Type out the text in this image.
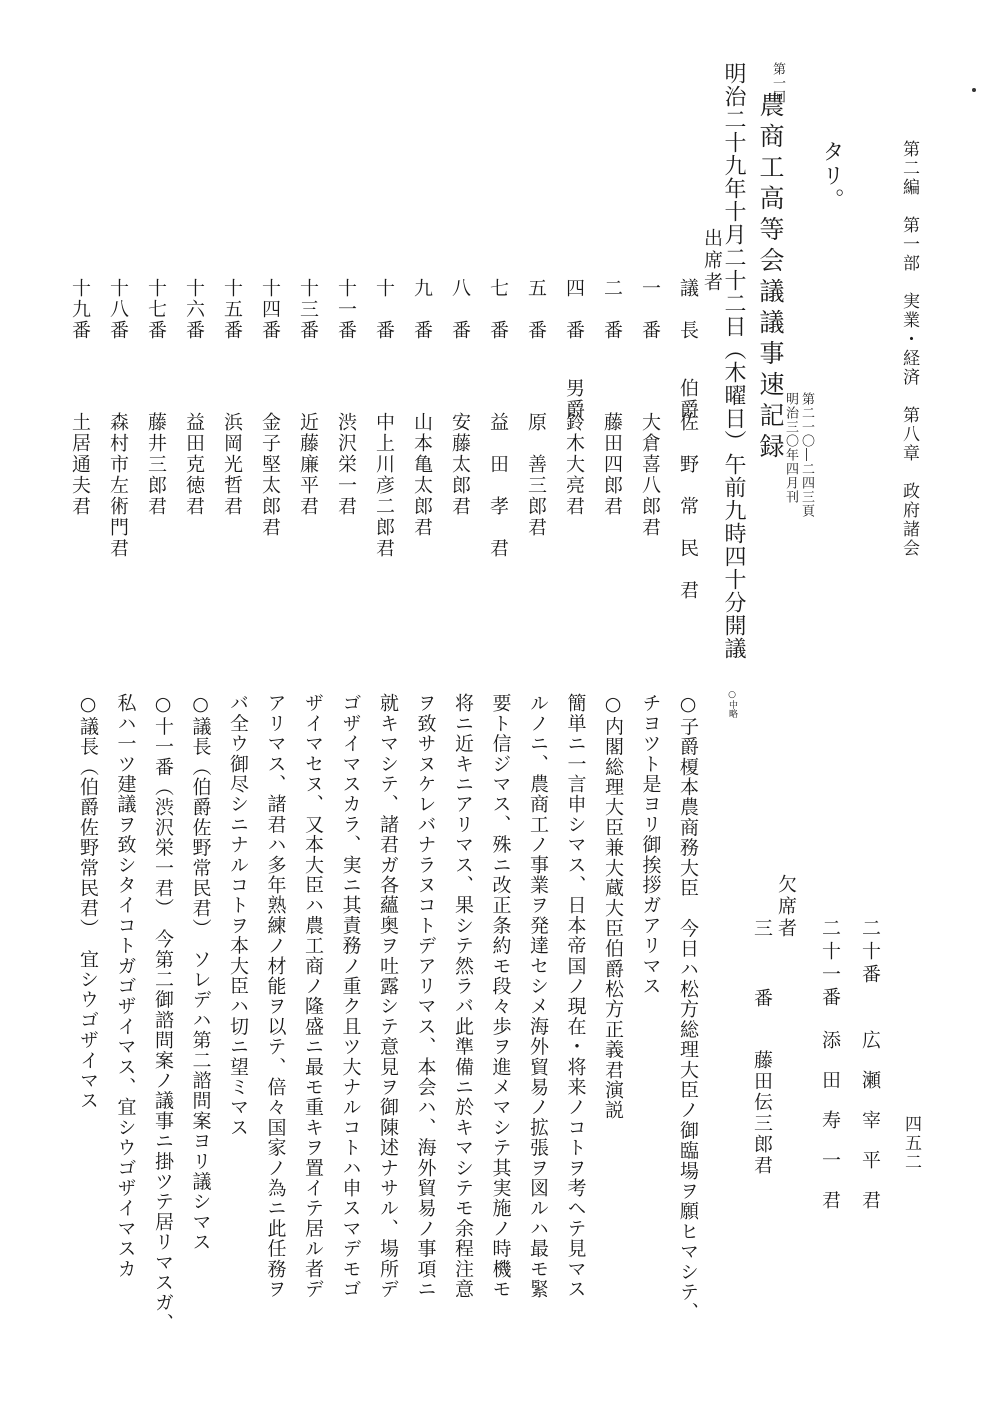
第二編　第一部　実業・経済　第八章　政府諸会
四五二
タリ。
第一回
農商工高等会議議事速記録	第二一〇―二四三頁
明治三〇年四月刊
明治二十九年十月二十二日（木曜日）午前九時四十分開議
出席者
議　長
伯爵
佐　野　常　民　君
一　番
大倉喜八郎君
二　番
藤田四郎君
四　番
男爵
鈴木大亮君
五　番
原　善三郎君
七　番
益　田　孝　君
八　番
安藤太郎君
九　番
山本亀太郎君
十　番
中上川彦二郎君
十一番
渋沢栄一君
十三番
近藤廉平君
十四番
金子堅太郎君
十五番
浜岡光哲君
十六番
益田克徳君
十七番
藤井三郎君
十八番
森村市左術門君
十九番
土居通夫君
二十番
広　瀬　宰　平　君
二十一番
添　田　寿　一　君
欠席者
三　番
藤田伝三郎君
○中略
○子爵榎本農商務大臣　今日ハ松方総理大臣ノ御臨場ヲ願ヒマシテ、
チヨツト是ヨリ御挨拶ガアリマス
○内閣総理大臣兼大蔵大臣伯爵松方正義君演説
簡単ニ一言申シマス、日本帝国ノ現在・将来ノコトヲ考ヘテ見マス
ルノニ、農商工ノ事業ヲ発達セシメ海外貿易ノ拡張ヲ図ルハ最モ緊
要ト信ジマス、殊ニ改正条約モ段々歩ヲ進メマシテ其実施ノ時機モ
将ニ近キニアリマス、果シテ然ラバ此準備ニ於キマシテモ余程注意
ヲ致サヌケレバナラヌコトデアリマス、本会ハ、海外貿易ノ事項ニ
就キマシテ、諸君ガ各蘊奥ヲ吐露シテ意見ヲ御陳述ナサル、場所デ
ゴザイマスカラ、実ニ其責務ノ重ク且ツ大ナルコトハ申スマデモゴ
ザイマセヌ、又本大臣ハ農工商ノ隆盛ニ最モ重キヲ置イテ居ル者デ
アリマス、諸君ハ多年熟練ノ材能ヲ以テ、倍々国家ノ為ニ此任務ヲ
バ全ウ御尽シニナルコトヲ本大臣ハ切ニ望ミマス
○議長（伯爵佐野常民君）　ソレデハ第二諮問案ヨリ議シマス
○十一番（渋沢栄一君）　今第二御諮問案ノ議事ニ掛ツテ居リマスガ、
私ハ一ツ建議ヲ致シタイコトガゴザイマス、宜シウゴザイマスカ
○議長（伯爵佐野常民君）　宜シウゴザイマス
